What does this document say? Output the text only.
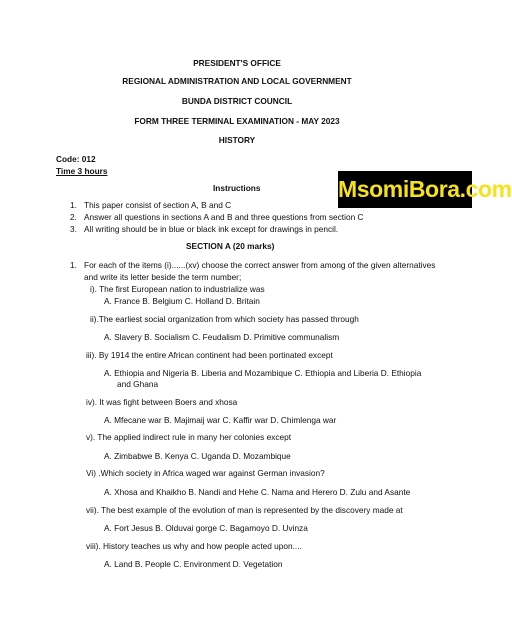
PRESIDENT'S OFFICE
REGIONAL ADMINISTRATION AND LOCAL GOVERNMENT
BUNDA DISTRICT COUNCIL
FORM THREE TERMINAL EXAMINATION - MAY 2023
HISTORY
Code: 012
Time 3 hours
Instructions	MsomiBora.com
1. This paper consist of section A, B and C
2. Answer all questions in sections A and B and three questions from section C
3. All writing should be in blue or black ink except for drawings in pencil.
SECTION A (20 marks)
1. For each of the items (i)......(xv) choose the correct answer from among of the given alternatives
and write its letter beside the term number;
i). The first European nation to industrialize was
A. France B. Belgium C. Holland D. Britain
ii).The earliest social organization from which society has passed through
A. Slavery B. Socialism C. Feudalism D. Primitive communalism
iii). By 1914 the entire African continent had been portinated except
A. Ethiopia and Nigeria B. Liberia and Mozambique C. Ethiopia and Liberia D. Ethiopia
and Ghana
iv). It was fight between Boers and xhosa
A. Mfecane war B. Majimaij war C. Kaffir war D. Chimlenga war
v). The applied indirect rule in many her colonies except
A. Zimbabwe B. Kenya C. Uganda D. Mozambique
Vi) .Which society in Africa waged war against German invasion?
A. Xhosa and Khaikho B. Nandi and Hehe C. Nama and Herero D. Zulu and Asante
vii). The best example of the evolution of man is represented by the discovery made at
A. Fort Jesus B. Olduvai gorge C. Bagamoyo D. Uvinza
viii). History teaches us why and how people acted upon....
A. Land B. People C. Environment D. Vegetation
